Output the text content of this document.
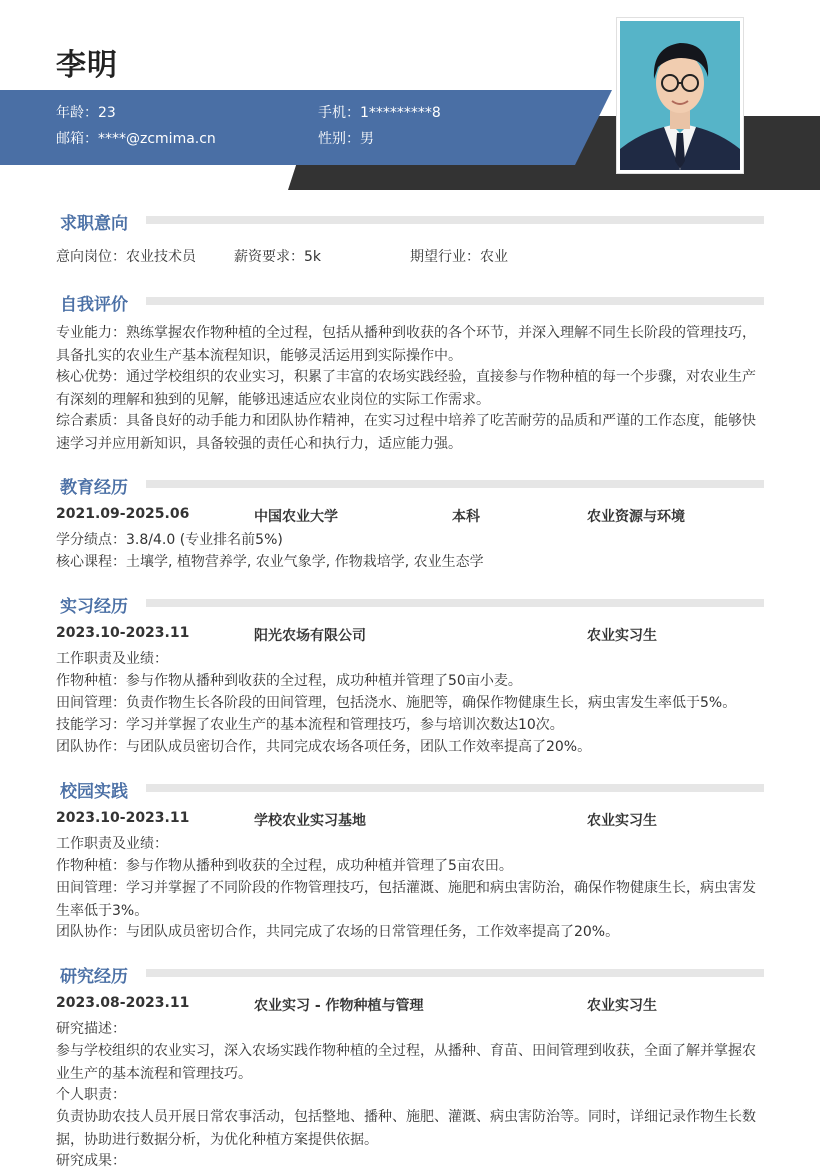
李明
年龄：23	手机：1*********8
邮箱：****@zcmima.cn	性别：男
求职意向
意向岗位：农业技术员	薪资要求：5k	期望行业：农业
自我评价
专业能力：熟练掌握农作物种植的全过程，包括从播种到收获的各个环节，并深入理解不同生长阶段的管理技巧，具备扎实的农业生产基本流程知识，能够灵活运用到实际操作中。
核心优势：通过学校组织的农业实习，积累了丰富的农场实践经验，直接参与作物种植的每一个步骤，对农业生产有深刻的理解和独到的见解，能够迅速适应农业岗位的实际工作需求。
综合素质：具备良好的动手能力和团队协作精神，在实习过程中培养了吃苦耐劳的品质和严谨的工作态度，能够快速学习并应用新知识，具备较强的责任心和执行力，适应能力强。
教育经历
2021.09-2025.06	中国农业大学	本科	农业资源与环境
学分绩点：3.8/4.0 (专业排名前5%)
核心课程：土壤学, 植物营养学, 农业气象学, 作物栽培学, 农业生态学
实习经历
2023.10-2023.11	阳光农场有限公司	农业实习生
工作职责及业绩：
作物种植：参与作物从播种到收获的全过程，成功种植并管理了50亩小麦。
田间管理：负责作物生长各阶段的田间管理，包括浇水、施肥等，确保作物健康生长，病虫害发生率低于5%。
技能学习：学习并掌握了农业生产的基本流程和管理技巧，参与培训次数达10次。
团队协作：与团队成员密切合作，共同完成农场各项任务，团队工作效率提高了20%。
校园实践
2023.10-2023.11	学校农业实习基地	农业实习生
工作职责及业绩：
作物种植：参与作物从播种到收获的全过程，成功种植并管理了5亩农田。
田间管理：学习并掌握了不同阶段的作物管理技巧，包括灌溉、施肥和病虫害防治，确保作物健康生长，病虫害发生率低于3%。
团队协作：与团队成员密切合作，共同完成了农场的日常管理任务，工作效率提高了20%。
研究经历
2023.08-2023.11	农业实习 - 作物种植与管理	农业实习生
研究描述：
参与学校组织的农业实习，深入农场实践作物种植的全过程，从播种、育苗、田间管理到收获，全面了解并掌握农业生产的基本流程和管理技巧。
个人职责：
负责协助农技人员开展日常农事活动，包括整地、播种、施肥、灌溉、病虫害防治等。同时，详细记录作物生长数据，协助进行数据分析，为优化种植方案提供依据。
研究成果：
